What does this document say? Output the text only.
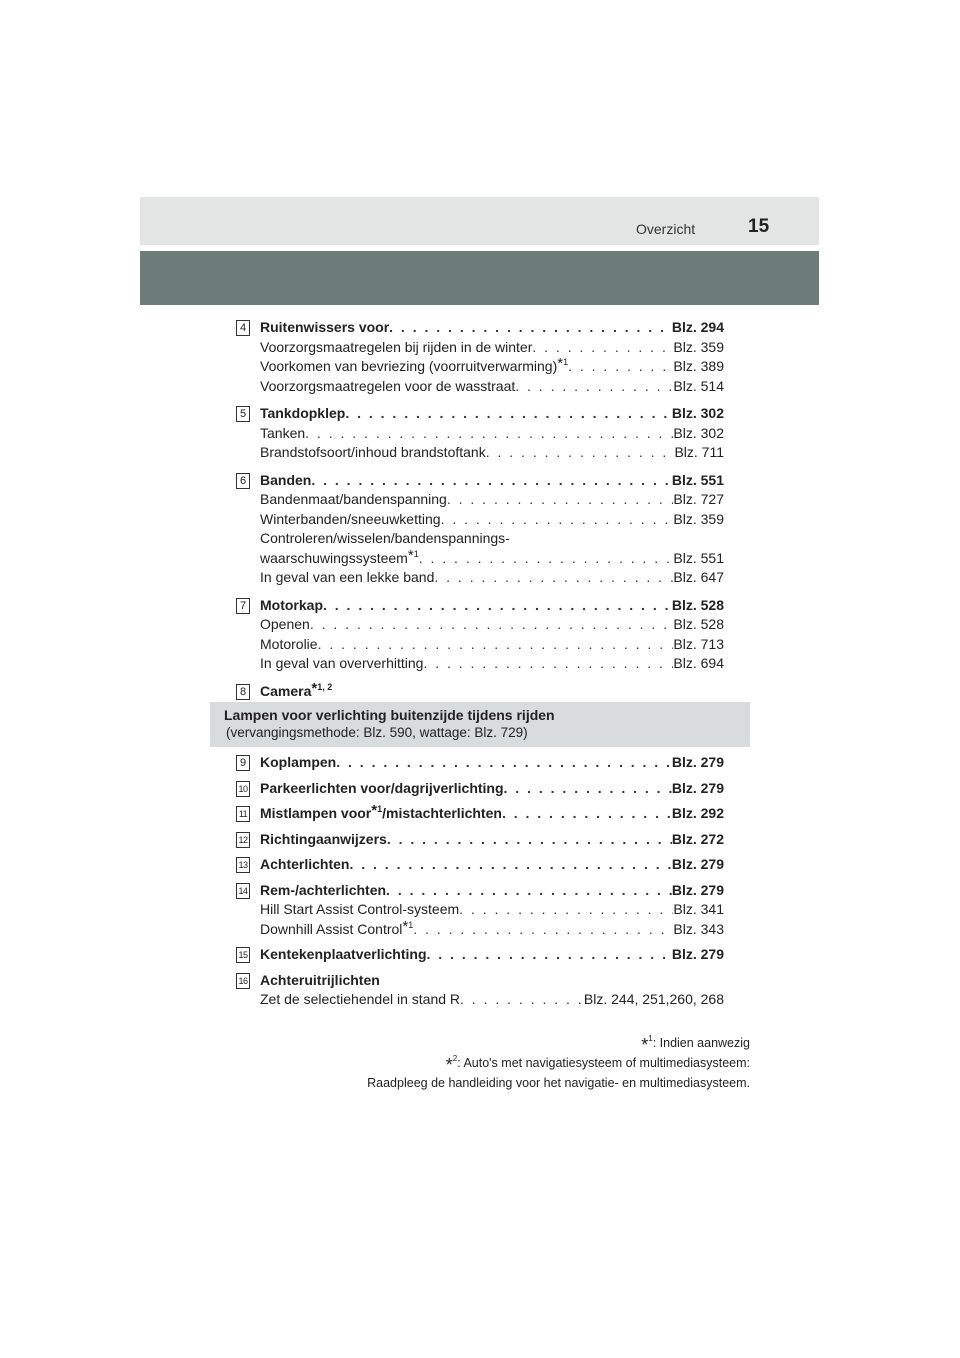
Overzicht	15
4 Ruitenwissers voor . . .	Blz. 294
Voorzorgsmaatregelen bij rijden in de winter . . .	Blz. 359
Voorkomen van bevriezing (voorruitverwarming)$^{*1}$ . . .	Blz. 389
Voorzorgsmaatregelen voor de wasstraat . . .	Blz. 514
5 Tankdopklep . . .	Blz. 302
Tanken . . .	Blz. 302
Brandstofsoort/inhoud brandstoftank . . .	Blz. 711
6 Banden . . .	Blz. 551
Bandenmaat/bandenspanning . . .	Blz. 727
Winterbanden/sneeuwketting . . .	Blz. 359
Controleren/wisselen/bandenspannings-
waarschuwingssysteem$^{*1}$ . . .	Blz. 551
In geval van een lekke band . . .	Blz. 647
7 Motorkap . . .	Blz. 528
Openen . . .	Blz. 528
Motorolie . . .	Blz. 713
In geval van oververhitting . . .	Blz. 694
8 Camera$^{*1, 2}$
Lampen voor verlichting buitenzijde tijdens rijden
(vervangingsmethode: Blz. 590, wattage: Blz. 729)
9 Koplampen . . .	Blz. 279
10 Parkeerlichten voor/dagrijverlichting . . .	Blz. 279
11 Mistlampen voor$^{*1}$/mistachterlichten . . .	Blz. 292
12 Richtingaanwijzers . . .	Blz. 272
13 Achterlichten . . .	Blz. 279
14 Rem-/achterlichten . . .	Blz. 279
Hill Start Assist Control-systeem . . .	Blz. 341
Downhill Assist Control$^{*1}$ . . .	Blz. 343
15 Kentekenplaatverlichting . . .	Blz. 279
16 Achteruitrijlichten
Zet de selectiehendel in stand R . . .	Blz. 244, 251,260, 268
*$^1$: Indien aanwezig
*$^2$: Auto's met navigatiesysteem of multimediasysteem:
Raadpleeg de handleiding voor het navigatie- en multimediasysteem.
